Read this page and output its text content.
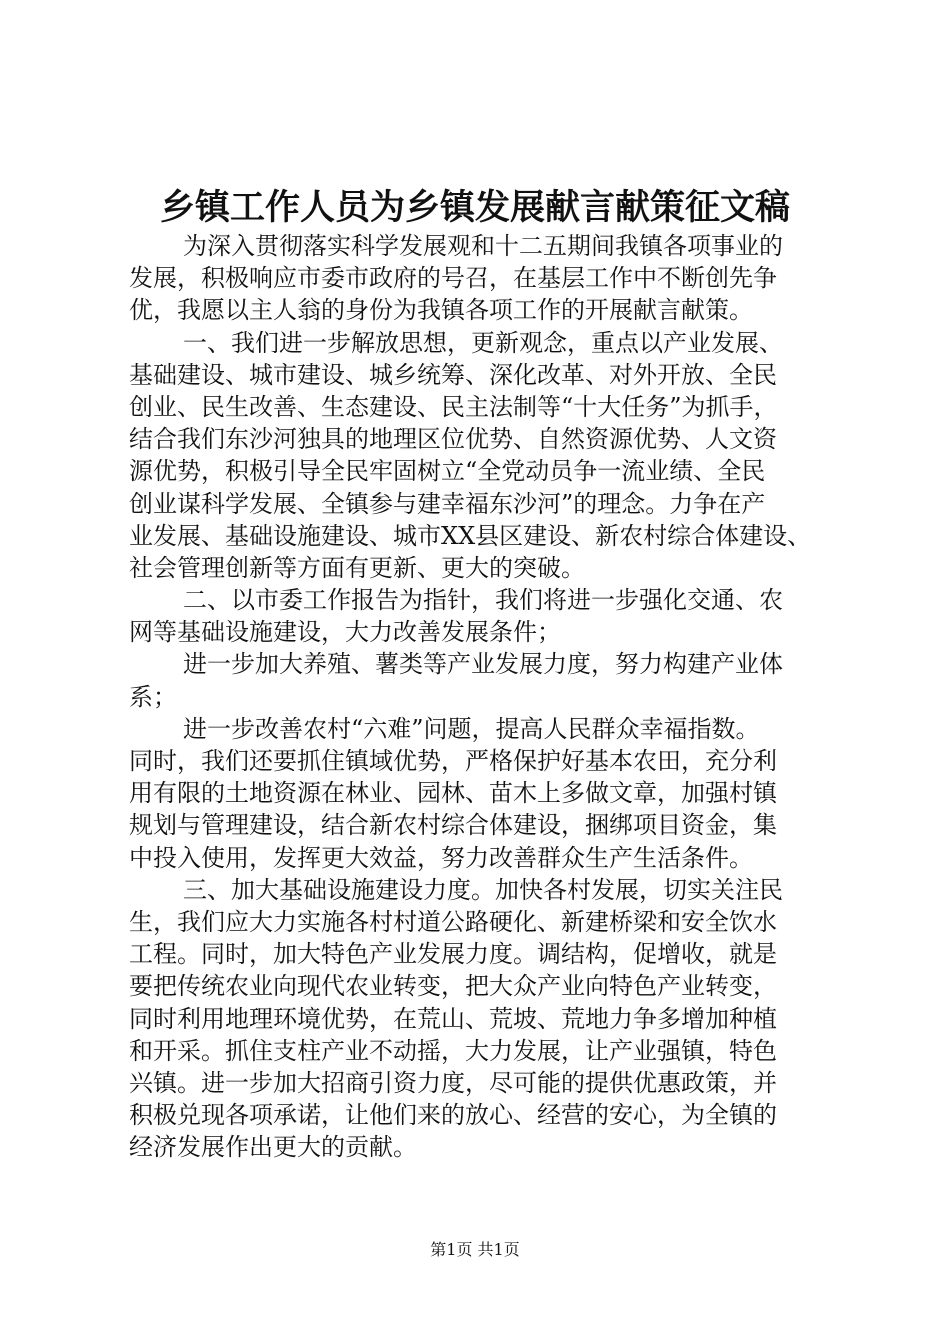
乡镇工作人员为乡镇发展献言献策征文稿
为深入贯彻落实科学发展观和十二五期间我镇各项事业的
发展，积极响应市委市政府的号召，在基层工作中不断创先争
优，我愿以主人翁的身份为我镇各项工作的开展献言献策。
一、我们进一步解放思想，更新观念，重点以产业发展、
基础建设、城市建设、城乡统筹、深化改革、对外开放、全民
创业、民生改善、生态建设、民主法制等“十大任务”为抓手，
结合我们东沙河独具的地理区位优势、自然资源优势、人文资
源优势，积极引导全民牢固树立“全党动员争一流业绩、全民
创业谋科学发展、全镇参与建幸福东沙河”的理念。力争在产
业发展、基础设施建设、城市XX县区建设、新农村综合体建设、
社会管理创新等方面有更新、更大的突破。
二、以市委工作报告为指针，我们将进一步强化交通、农
网等基础设施建设，大力改善发展条件；
进一步加大养殖、薯类等产业发展力度，努力构建产业体
系；
进一步改善农村“六难”问题，提高人民群众幸福指数。
同时，我们还要抓住镇域优势，严格保护好基本农田，充分利
用有限的土地资源在林业、园林、苗木上多做文章，加强村镇
规划与管理建设，结合新农村综合体建设，捆绑项目资金，集
中投入使用，发挥更大效益，努力改善群众生产生活条件。
三、加大基础设施建设力度。加快各村发展，切实关注民
生，我们应大力实施各村村道公路硬化、新建桥梁和安全饮水
工程。同时，加大特色产业发展力度。调结构，促增收，就是
要把传统农业向现代农业转变，把大众产业向特色产业转变，
同时利用地理环境优势，在荒山、荒坡、荒地力争多增加种植
和开采。抓住支柱产业不动摇，大力发展，让产业强镇，特色
兴镇。进一步加大招商引资力度，尽可能的提供优惠政策，并
积极兑现各项承诺，让他们来的放心、经营的安心，为全镇的
经济发展作出更大的贡献。
第1页 共1页
